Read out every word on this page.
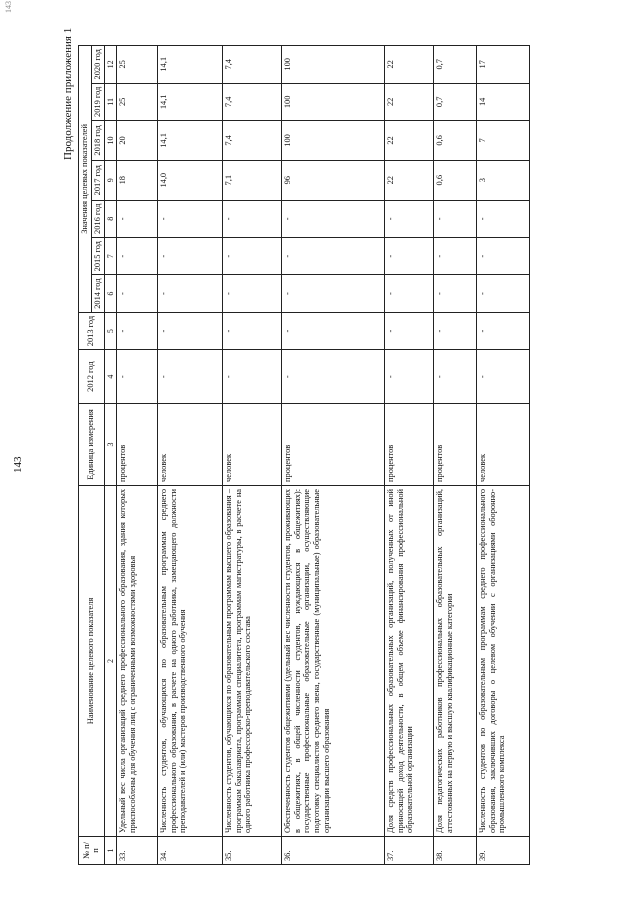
143
143
Продолжение приложения 1
№ п/п	Наименование целевого показателя	Единица измерения	2012 год	2013 год	Значения целевых показателей						
					2014 год	2015 год	2016 год	2017 год	2018 год	2019 год	2020 год
1	2	3	4	5	6	7	8	9	10	11	12
33.	Удельный вес числа организаций среднего профессионального образования, здания которых приспособлены для обучения лиц с ограниченными возможностями здоровья	процентов	-	-	-	-	-	18	20	25	25
34.	Численность студентов, обучающихся по образовательным программам среднего профессионального образования, в расчете на одного работника, замещающего должности преподавателей и (или) мастеров производственного обучения	человек	-	-	-	-	-	14,0	14,1	14,1	14,1
35.	Численность студентов, обучающихся по образовательным программам высшего образования – программам бакалавриата, программам специалитета, программам магистратуры, в расчете на одного работника профессорско-преподавательского состава	человек	-	-	-	-	-	7,1	7,4	7,4	7,4
36.	Обеспеченность студентов общежитиями (удельный вес численности студентов, проживающих в общежитиях, в общей численности студентов, нуждающихся в общежитиях): государственные профессиональные образовательные организации, осуществляющие подготовку специалистов среднего звена, государственные (муниципальные) образовательные организации высшего образования	процентов	-	-	-	-	-	96	100	100	100
37.	Доля средств профессиональных образовательных организаций, полученных от иной приносящей доход деятельности, в общем объеме финансирования профессиональной образовательной организации	процентов	-	-	-	-	-	22	22	22	22
38.	Доля педагогических работников профессиональных образовательных организаций, аттестованных на первую и высшую квалификационные категории	процентов	-	-	-	-	-	0,6	0,6	0,7	0,7
39.	Численность студентов по образовательным программам среднего профессионального образования, заключивших договоры о целевом обучении с организациями оборонно-промышленного комплекса	человек	-	-	-	-	-	3	7	14	17
